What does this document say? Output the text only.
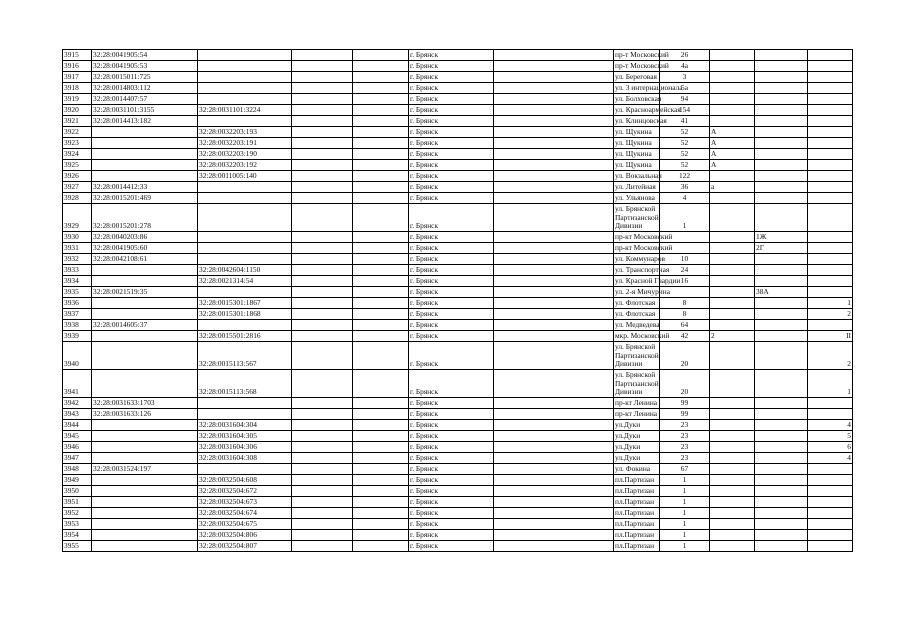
3915	32:28:0041905:54				г. Брянск		пр-т Московский	26			
3916	32:28:0041905:53				г. Брянск		пр-т Московский	4а			
3917	32:28:0015011:725				г. Брянск		ул. Береговая	3			
3918	32:28:0014803:112				г. Брянск		ул. 3 интернационала	5а			
3919	32:28:0014407:57				г. Брянск		ул. Болховская	94			
3920	32:28:0031101:3155	32:28:0031101:3224			г. Брянск		ул. Красноармейская	154			
3921	32:28:0014413:182				г. Брянск		ул. Клинцовская	41			
3922		32:28:0032203:193			г. Брянск		ул. Щукина	52	А		
3923		32:28:0032203:191			г. Брянск		ул. Щукина	52	А		
3924		32:28:0032203:190			г. Брянск		ул. Щукина	52	А		
3925		32:28:0032203:192			г. Брянск		ул. Щукина	52	А		
3926		32:28:0011005:140			г. Брянск		ул. Вокзальная	122			
3927	32:28:0014412:33				г. Брянск		ул. Литейная	36	а		
3928	32:28:0015201:469				г. Брянск		ул. Ульянова	4			
3929	32:28:0015201:278				г. Брянск		ул. Брянской Партизанской Дивизии	1			
3930	32:28:0040203:86				г. Брянск		пр-кт Московский			1Ж	
3931	32:28:0041905:60				г. Брянск		пр-кт Московский			2Г	
3932	32:28:0042108:61				г. Брянск		ул. Коммунаров	10			
3933		32:28:0042604:1150			г. Брянск		ул. Транспортная	24			
3934		32:28:0021314:54			г. Брянск		ул. Красной Гвардии	16			
3935	32:28:0021519:35				г. Брянск		ул. 2-я Мичурина			38А	
3936		32:28:0015301:1867			г. Брянск		ул. Флотская	8			1
3937		32:28:0015301:1868			г. Брянск		ул. Флотская	8			2
3938	32:28:0014605:37				г. Брянск		ул. Медведева	64			
3939		32:28:0015501:2816			г. Брянск		мкр. Московский	42	2		II
3940		32:28:0015113:567			г. Брянск		ул. Брянской Партизанской Дивизии	20			2
3941		32:28:0015113:568			г. Брянск		ул. Брянской Партизанской Дивизии	20			1
3942	32:28:0031633:1703				г. Брянск		пр-кт Ленина	99			
3943	32:28:0031633:126				г. Брянск		пр-кт Ленина	99			
3944		32:28:0031604:304			г. Брянск		ул.Дуки	23			4
3945		32:28:0031604:305			г. Брянск		ул.Дуки	23			5
3946		32:28:0031604:306			г. Брянск		ул.Дуки	23			6
3947		32:28:0031604:308			г. Брянск		ул.Дуки	23			4
3948	32:28:0031524:197				г. Брянск		ул. Фокина	67			
3949		32:28:0032504:608			г. Брянск		пл.Партизан	1			
3950		32:28:0032504:672			г. Брянск		пл.Партизан	1			
3951		32:28:0032504:673			г. Брянск		пл.Партизан	1			
3952		32:28:0032504:674			г. Брянск		пл.Партизан	1			
3953		32:28:0032504:675			г. Брянск		пл.Партизан	1			
3954		32:28:0032504:806			г. Брянск		пл.Партизан	1			
3955		32:28:0032504:807			г. Брянск		пл.Партизан	1			
